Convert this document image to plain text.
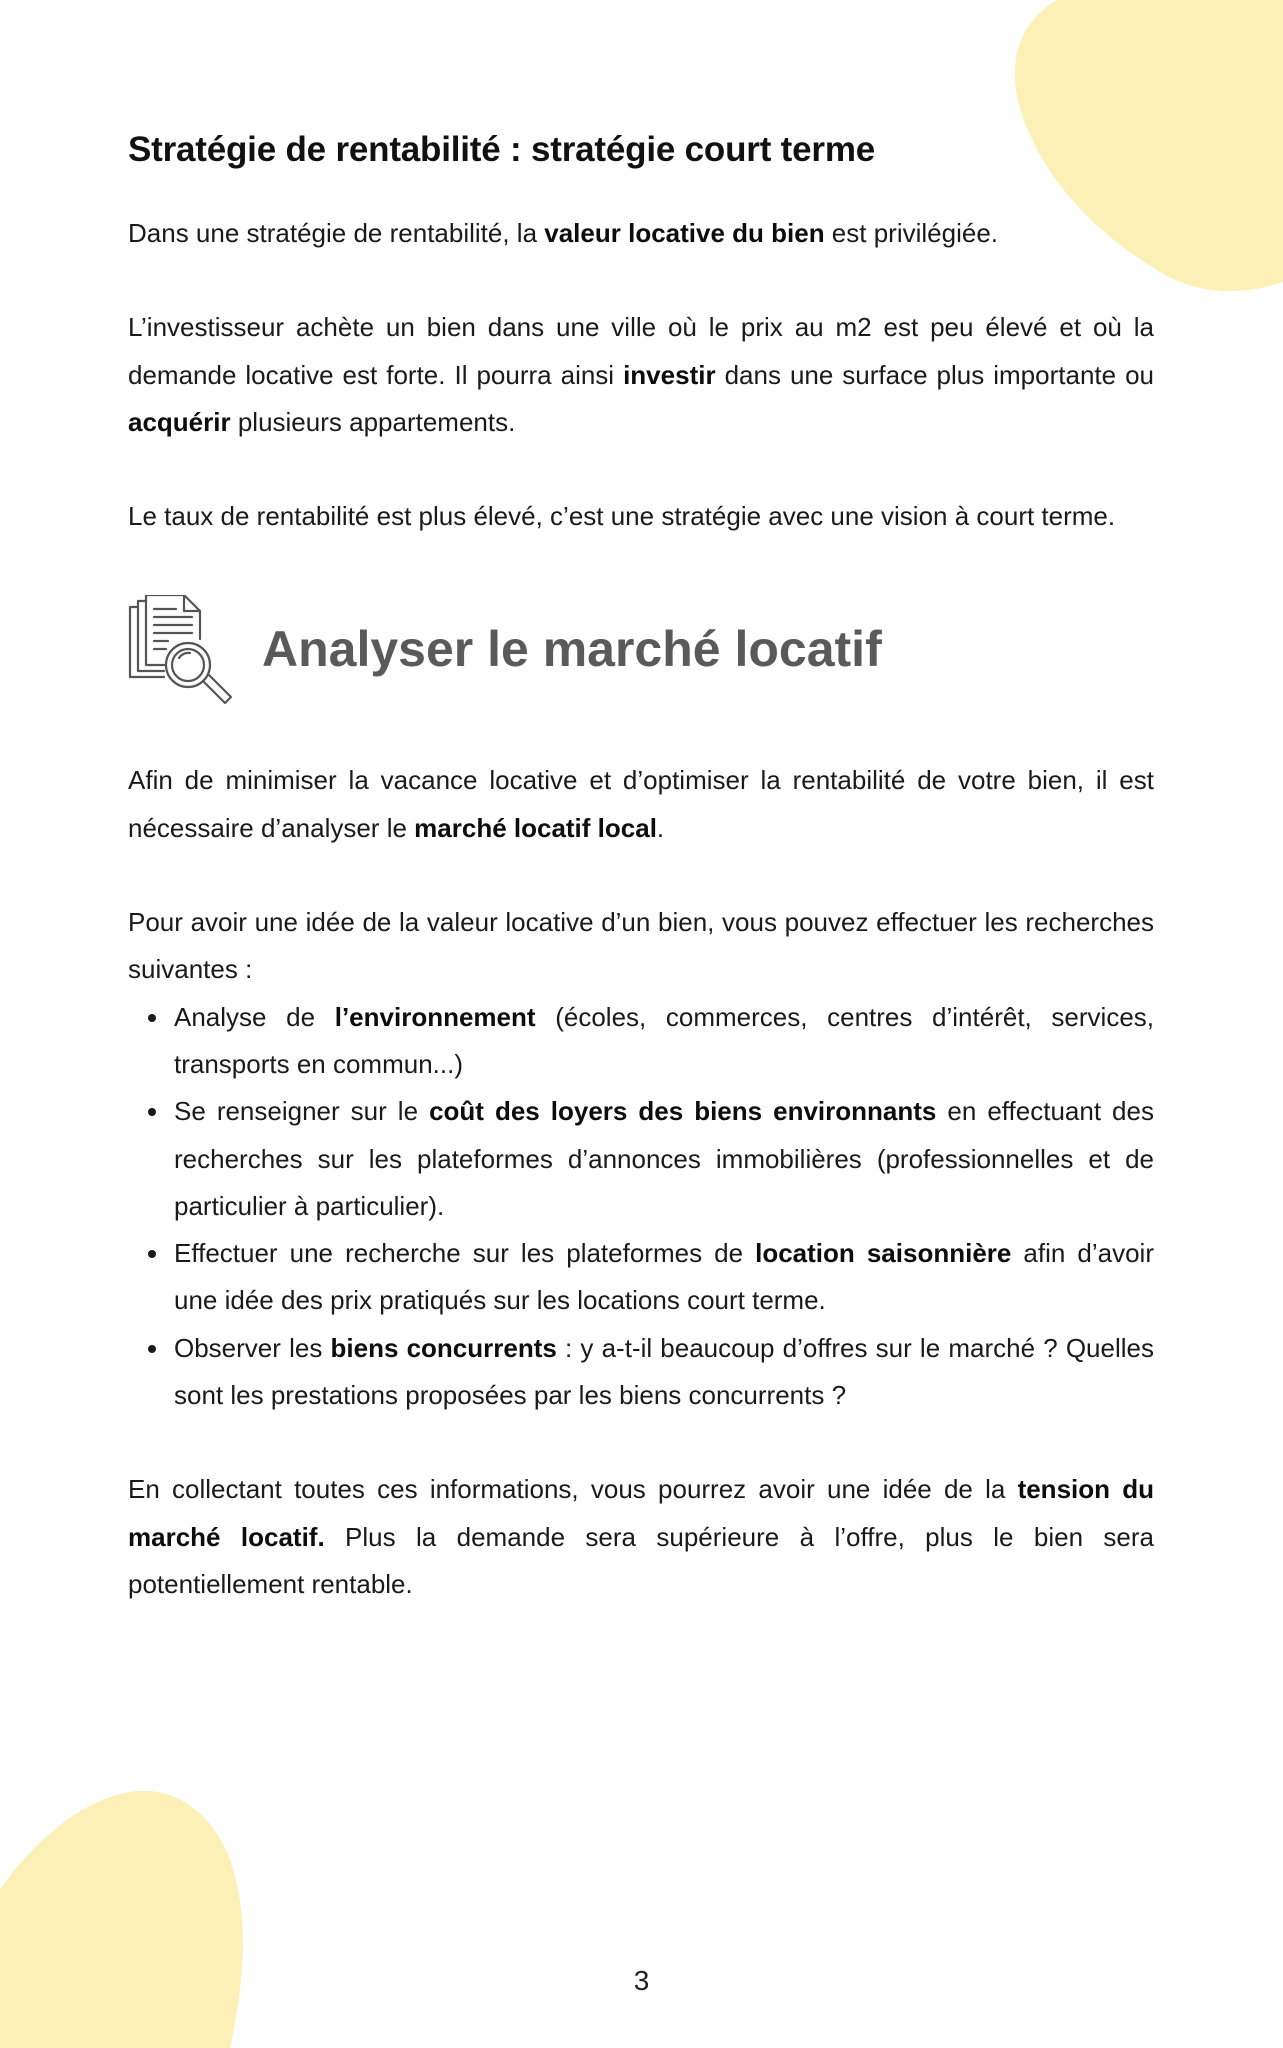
Stratégie de rentabilité : stratégie court terme

Dans une stratégie de rentabilité, la valeur locative du bien est privilégiée.

L’investisseur achète un bien dans une ville où le prix au m2 est peu élevé et où la demande locative est forte. Il pourra ainsi investir dans une surface plus importante ou acquérir plusieurs appartements.

Le taux de rentabilité est plus élevé, c’est une stratégie avec une vision à court terme.

Analyser le marché locatif

Afin de minimiser la vacance locative et d’optimiser la rentabilité de votre bien, il est nécessaire d’analyser le marché locatif local.

Pour avoir une idée de la valeur locative d’un bien, vous pouvez effectuer les recherches suivantes :

Analyse de l’environnement (écoles, commerces, centres d’intérêt, services, transports en commun...)
Se renseigner sur le coût des loyers des biens environnants en effectuant des recherches sur les plateformes d’annonces immobilières (professionnelles et de particulier à particulier).
Effectuer une recherche sur les plateformes de location saisonnière afin d’avoir une idée des prix pratiqués sur les locations court terme.
Observer les biens concurrents : y a-t-il beaucoup d’offres sur le marché ? Quelles sont les prestations proposées par les biens concurrents ?

En collectant toutes ces informations, vous pourrez avoir une idée de la tension du marché locatif. Plus la demande sera supérieure à l’offre, plus le bien sera potentiellement rentable.

3
